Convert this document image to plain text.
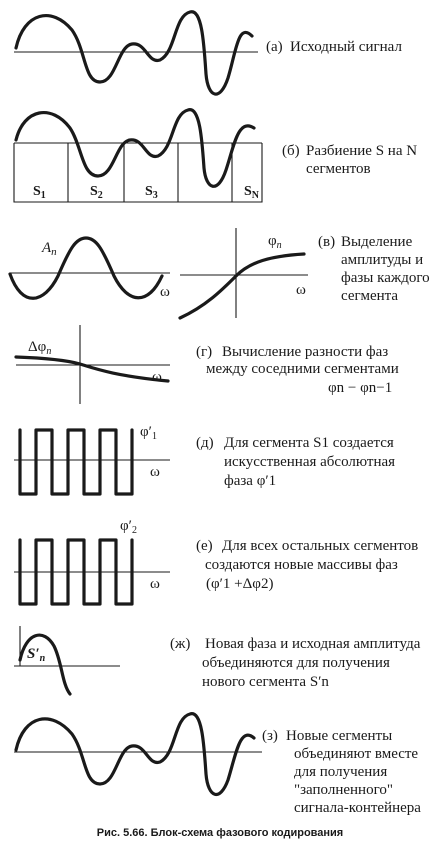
(а) Исходный сигнал
$S_1$	$S_2$	$S_3$	$S_N$
(б) Разбиение S на N
сегментов
$A_n$
ω
$\varphi_n$
ω
(в) Выделение
амплитуды и
фазы каждого
сегмента
$\Delta\varphi_n$
ω
(г) Вычисление разности фаз
между соседними сегментами
φn − φn−1
$\varphi'_1$
ω
(д) Для сегмента S1 создается
искусственная абсолютная
фаза φ′1
$\varphi'_2$
ω
(е) Для всех остальных сегментов
создаются новые массивы фаз
(φ′1 +Δφ2)
$S'_n$
(ж) Новая фаза и исходная амплитуда
объединяются для получения
нового сегмента S′n
(з) Новые сегменты
объединяют вместе
для получения
"заполненного"
сигнала-контейнера
Рис. 5.66. Блок-схема фазового кодирования
